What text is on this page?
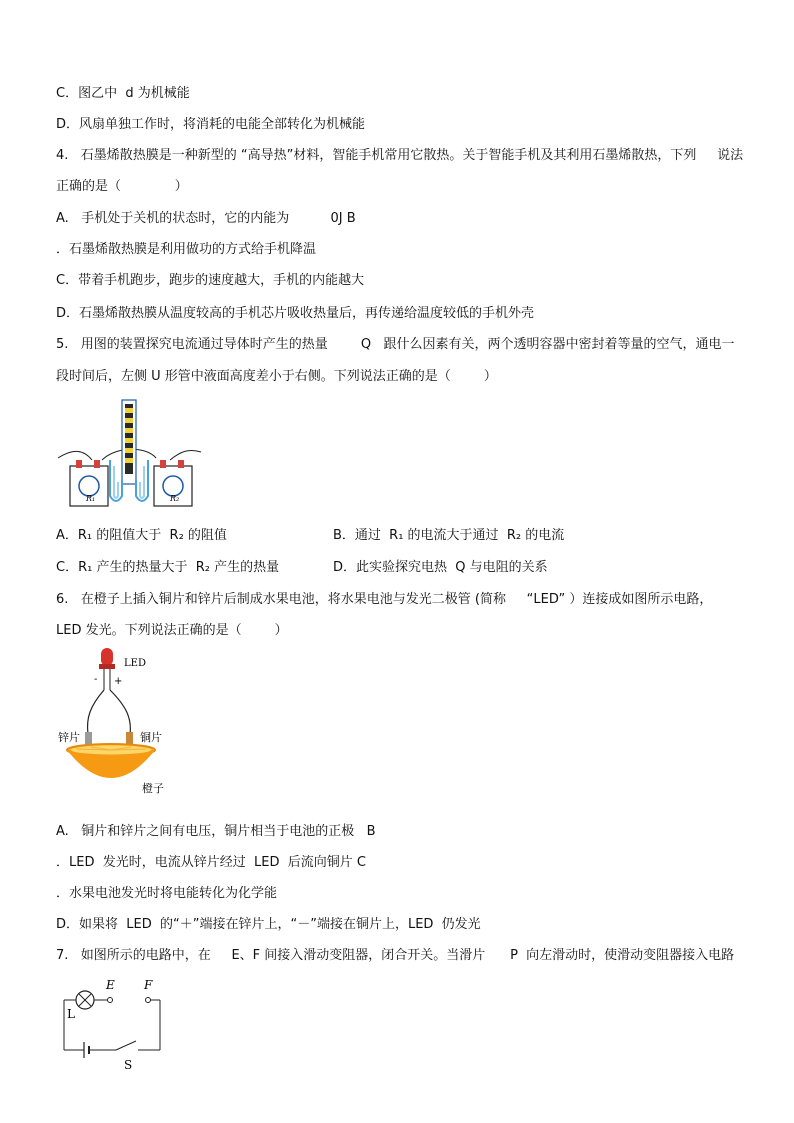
C．图乙中  d 为机械能
D．风扇单独工作时，将消耗的电能全部转化为机械能
4.   石墨烯散热膜是一种新型的 “高导热”材料，智能手机常用它散热。关于智能手机及其利用石墨烯散热，下列     说法
正确的是（             ）
A.   手机处于关机的状态时，它的内能为          0J B
．石墨烯散热膜是利用做功的方式给手机降温
C．带着手机跑步，跑步的速度越大，手机的内能越大
D．石墨烯散热膜从温度较高的手机芯片吸收热量后，再传递给温度较低的手机外壳
5.   用图的装置探究电流通过导体时产生的热量        Q   跟什么因素有关，两个透明容器中密封着等量的空气，通电一
段时间后，左侧 U 形管中液面高度差小于右侧。下列说法正确的是（        ）
R₁	R₂
A．R₁ 的阻值大于  R₂ 的阻值	B．通过  R₁ 的电流大于通过  R₂ 的电流
C．R₁ 产生的热量大于  R₂ 产生的热量	D．此实验探究电热  Q 与电阻的关系
6.   在橙子上插入铜片和锌片后制成水果电池，将水果电池与发光二极管 (简称     “LED” ）连接成如图所示电路，
LED 发光。下列说法正确的是（        ）
LED
- +
锌片	铜片
橙子
A.   铜片和锌片之间有电压，铜片相当于电池的正极   B
．LED  发光时，电流从锌片经过  LED  后流向铜片 C
．水果电池发光时将电能转化为化学能
D．如果将  LED  的“＋”端接在锌片上，“－”端接在铜片上，LED  仍发光
7.   如图所示的电路中，在     E、F 间接入滑动变阻器，闭合开关。当滑片      P  向左滑动时，使滑动变阻器接入电路
E F
L
S
